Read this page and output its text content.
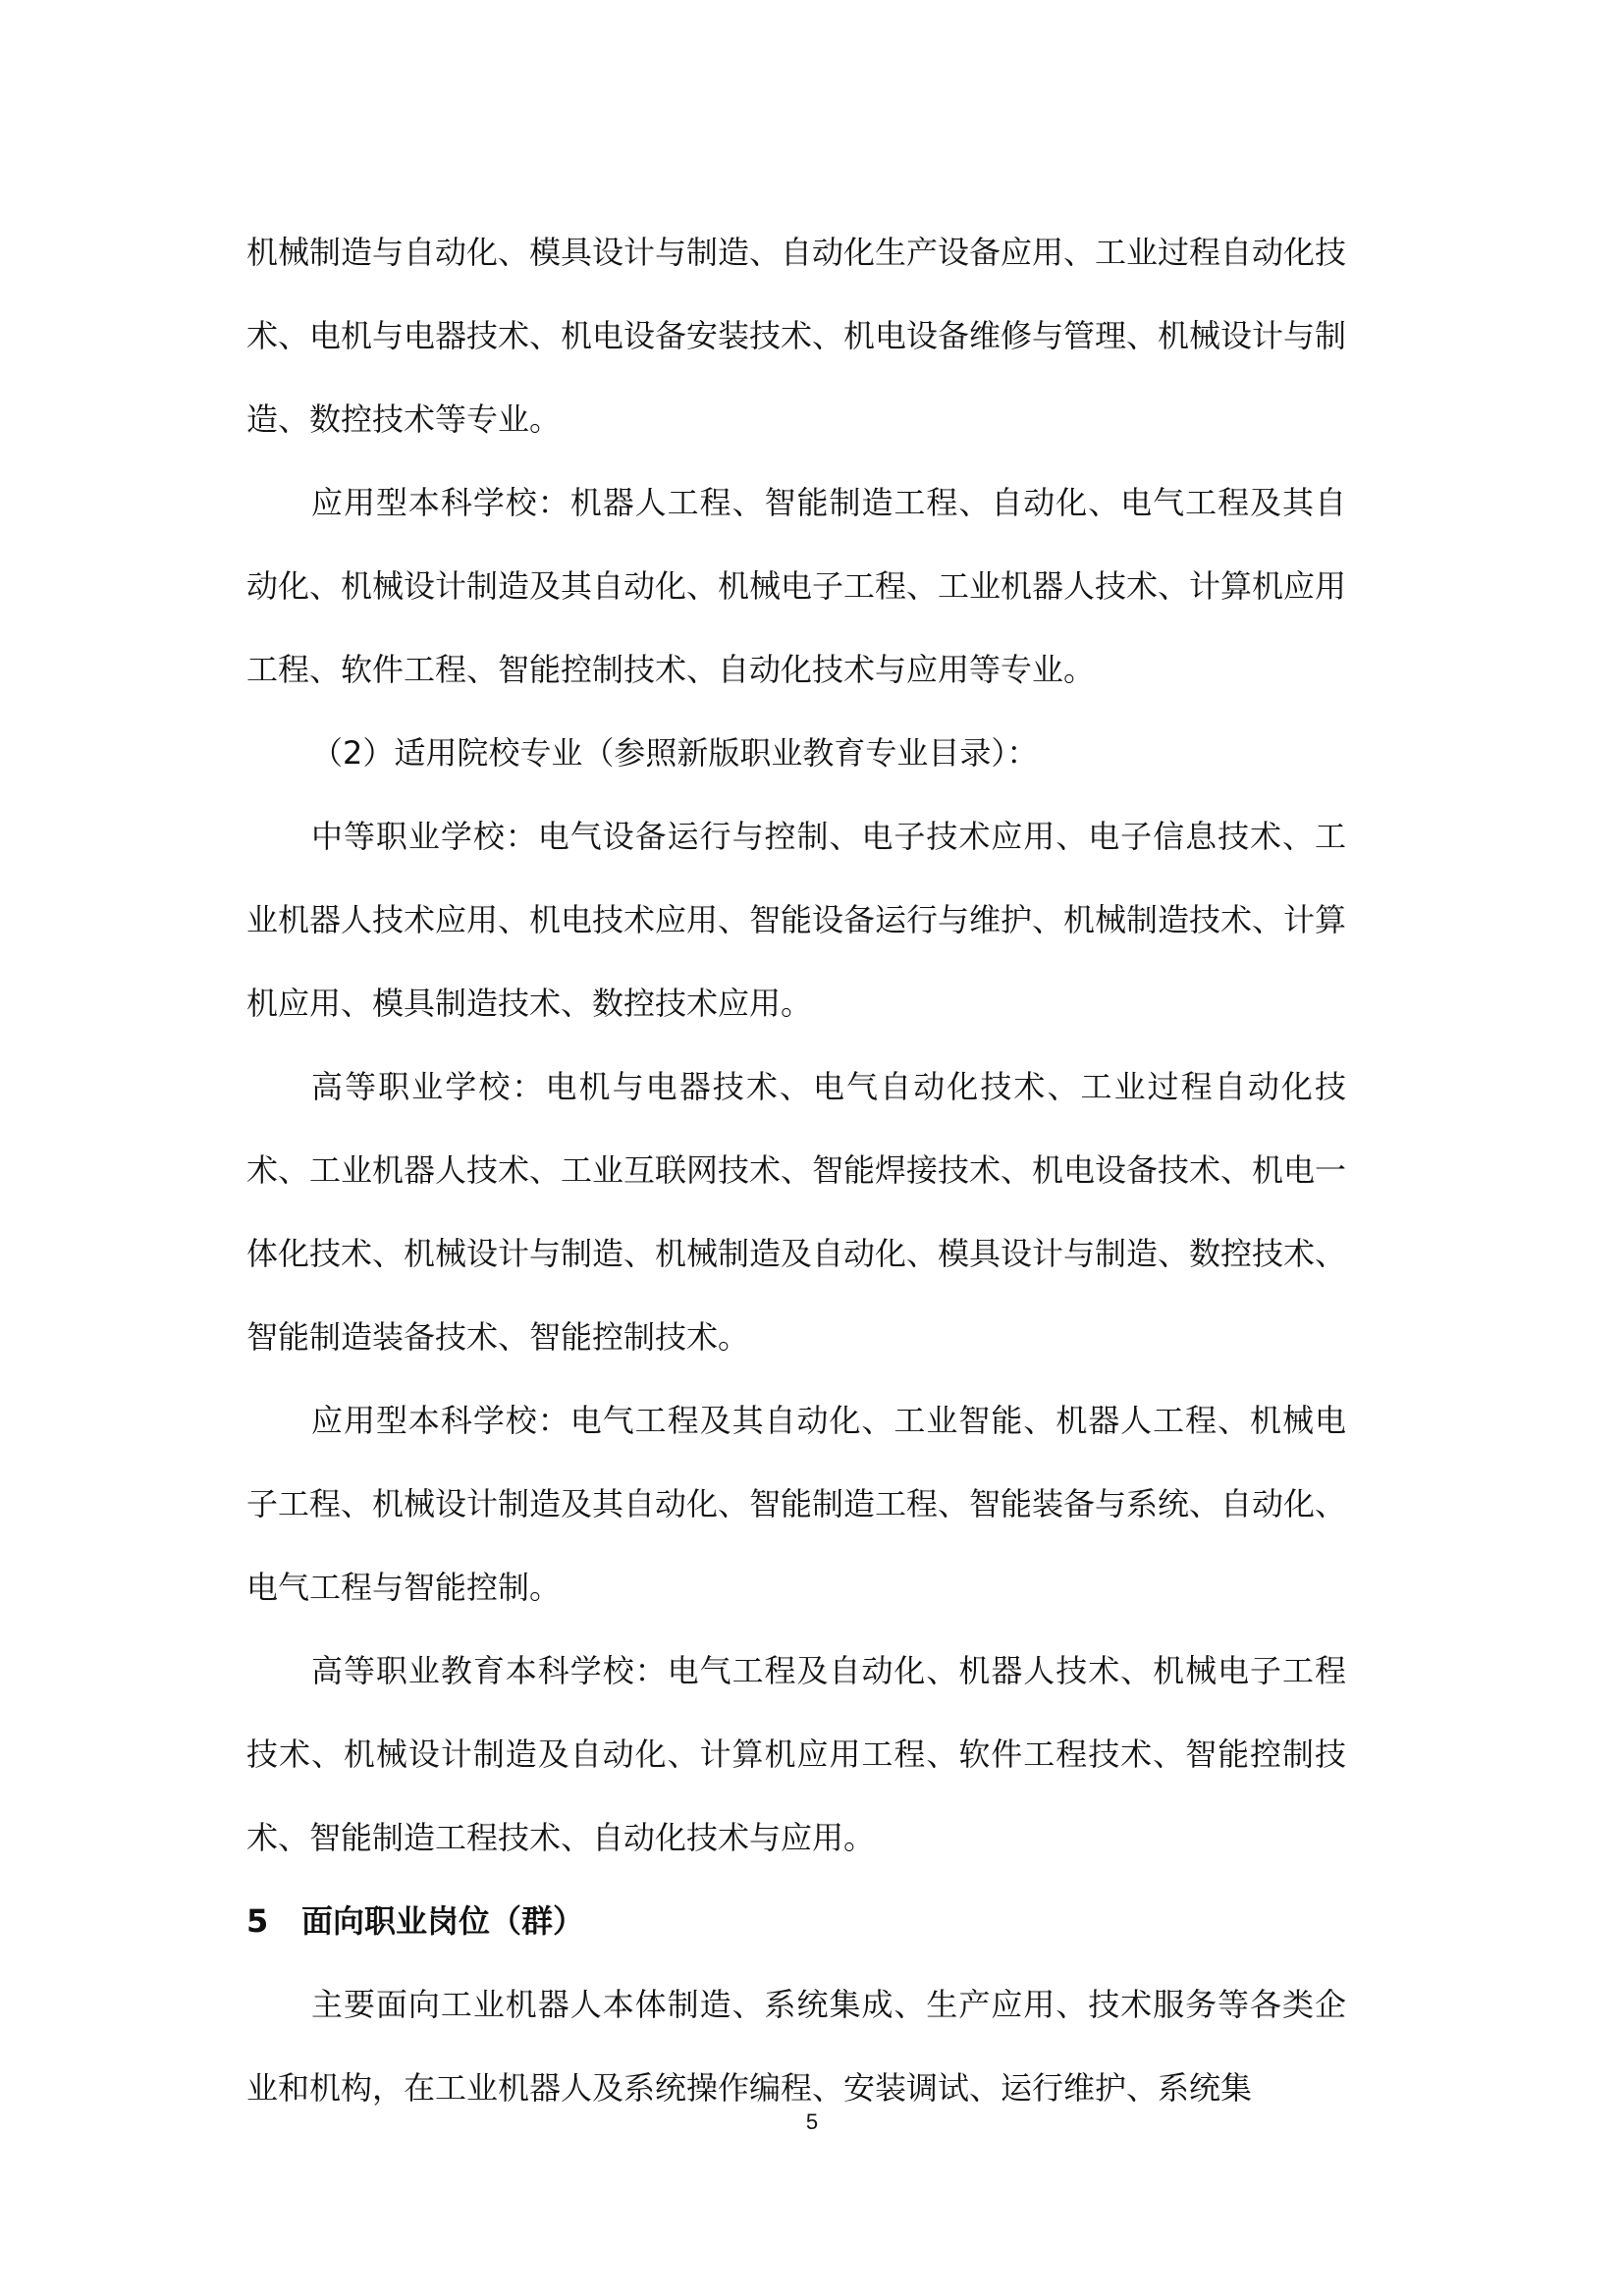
机械制造与自动化、模具设计与制造、自动化生产设备应用、工业过程自动化技术、电机与电器技术、机电设备安装技术、机电设备维修与管理、机械设计与制造、数控技术等专业。

应用型本科学校：机器人工程、智能制造工程、自动化、电气工程及其自动化、机械设计制造及其自动化、机械电子工程、工业机器人技术、计算机应用工程、软件工程、智能控制技术、自动化技术与应用等专业。

（2）适用院校专业（参照新版职业教育专业目录）：

中等职业学校：电气设备运行与控制、电子技术应用、电子信息技术、工业机器人技术应用、机电技术应用、智能设备运行与维护、机械制造技术、计算机应用、模具制造技术、数控技术应用。

高等职业学校：电机与电器技术、电气自动化技术、工业过程自动化技术、工业机器人技术、工业互联网技术、智能焊接技术、机电设备技术、机电一体化技术、机械设计与制造、机械制造及自动化、模具设计与制造、数控技术、智能制造装备技术、智能控制技术。

应用型本科学校：电气工程及其自动化、工业智能、机器人工程、机械电子工程、机械设计制造及其自动化、智能制造工程、智能装备与系统、自动化、电气工程与智能控制。

高等职业教育本科学校：电气工程及自动化、机器人技术、机械电子工程技术、机械设计制造及自动化、计算机应用工程、软件工程技术、智能控制技术、智能制造工程技术、自动化技术与应用。

5 面向职业岗位（群）

主要面向工业机器人本体制造、系统集成、生产应用、技术服务等各类企业和机构，在工业机器人及系统操作编程、安装调试、运行维护、系统集

5
